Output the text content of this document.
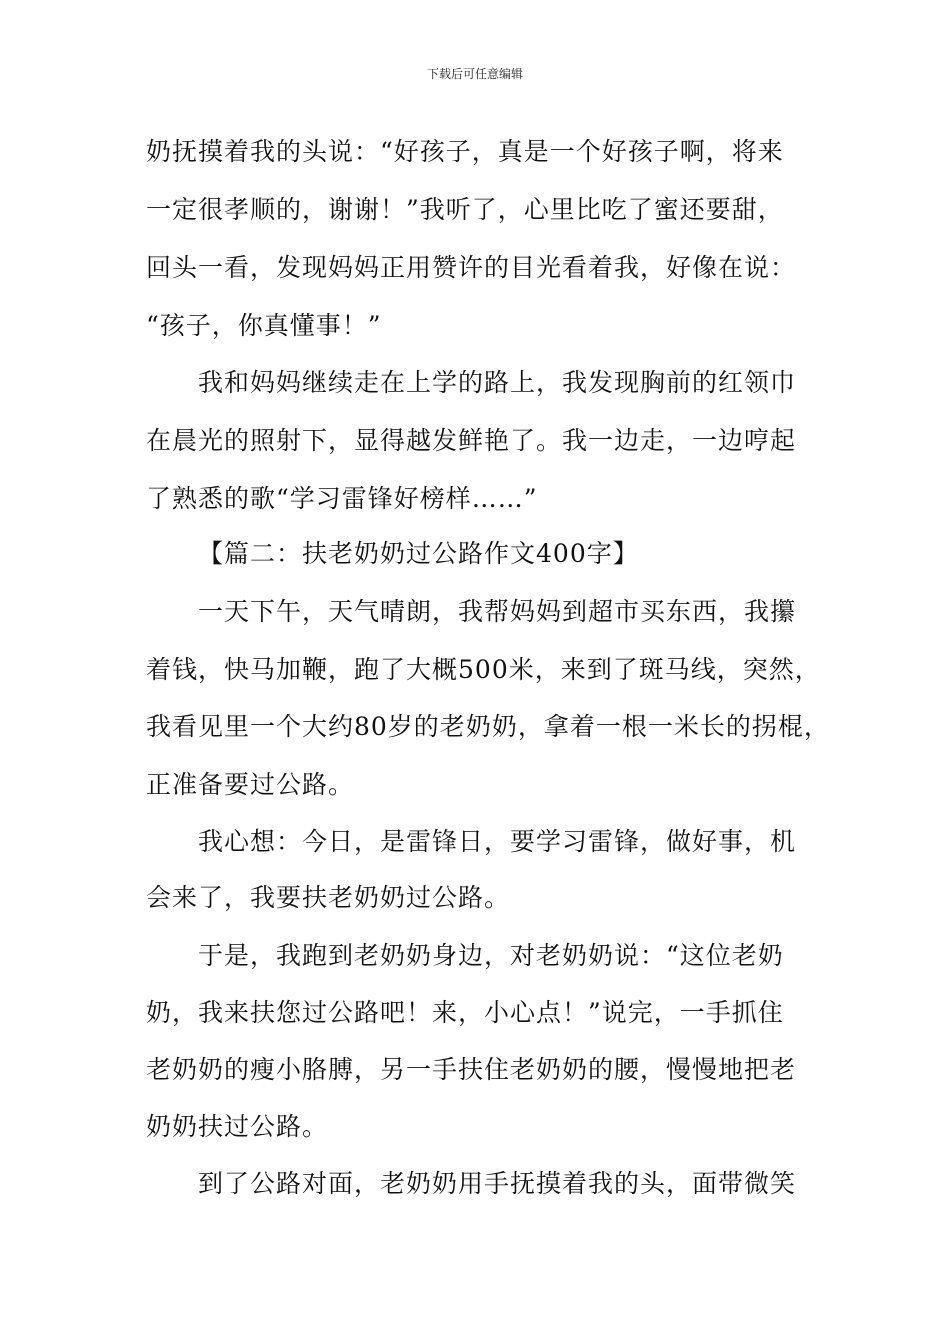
下载后可任意编辑
奶抚摸着我的头说：“好孩子，真是一个好孩子啊，将来
一定很孝顺的，谢谢！”我听了，心里比吃了蜜还要甜，
回头一看，发现妈妈正用赞许的目光看着我，好像在说：
“孩子，你真懂事！”
我和妈妈继续走在上学的路上，我发现胸前的红领巾
在晨光的照射下，显得越发鲜艳了。我一边走，一边哼起
了熟悉的歌“学习雷锋好榜样……”
【篇二：扶老奶奶过公路作文400字】
一天下午，天气晴朗，我帮妈妈到超市买东西，我攥
着钱，快马加鞭，跑了大概500米，来到了斑马线，突然，
我看见里一个大约80岁的老奶奶，拿着一根一米长的拐棍，
正准备要过公路。
我心想：今日，是雷锋日，要学习雷锋，做好事，机
会来了，我要扶老奶奶过公路。
于是，我跑到老奶奶身边，对老奶奶说：“这位老奶
奶，我来扶您过公路吧！来，小心点！”说完，一手抓住
老奶奶的瘦小胳膊，另一手扶住老奶奶的腰，慢慢地把老
奶奶扶过公路。
到了公路对面，老奶奶用手抚摸着我的头，面带微笑
